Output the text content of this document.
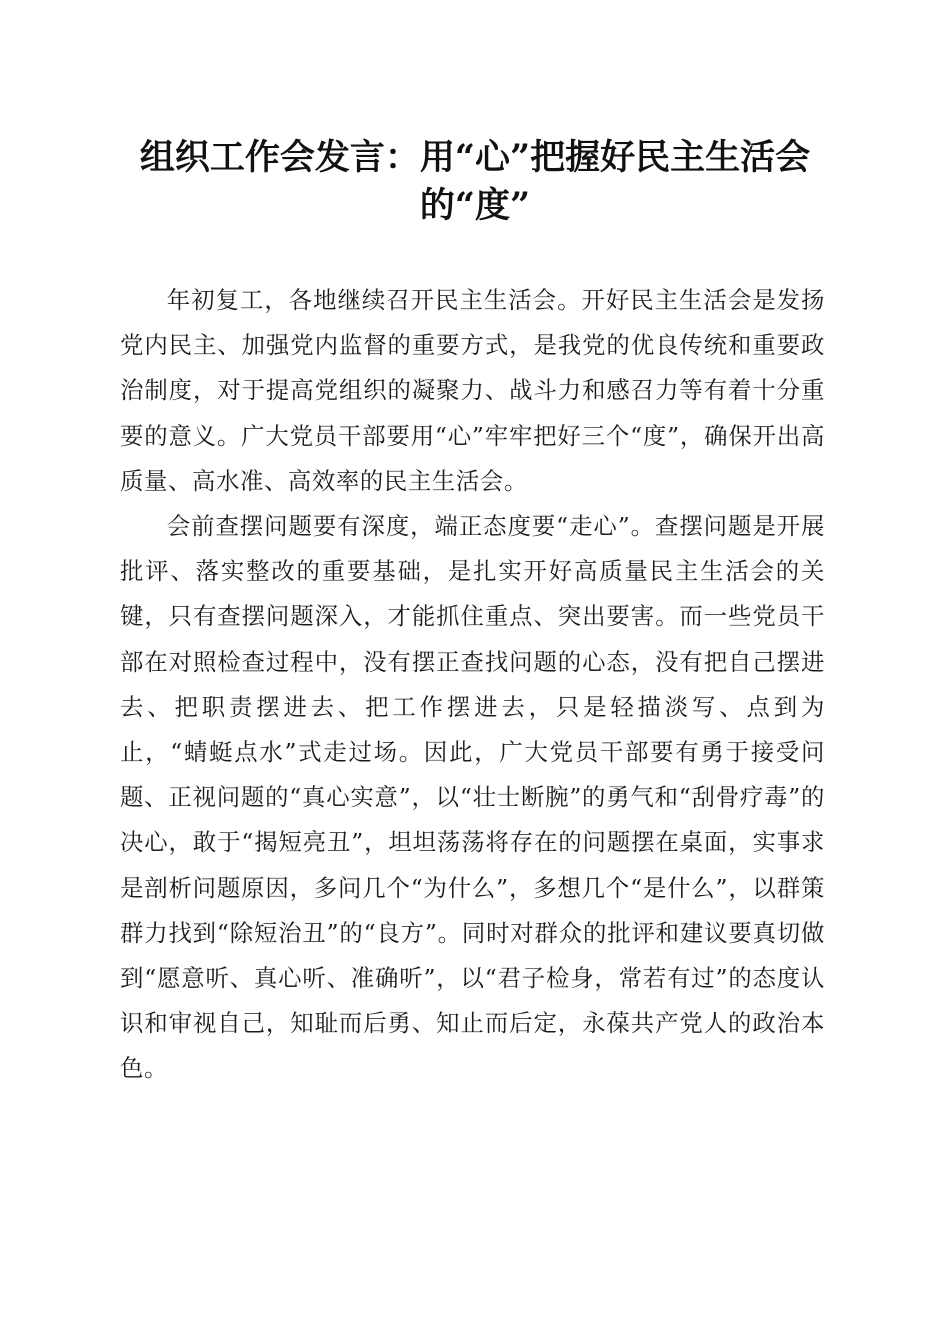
组织工作会发言：用“心”把握好民主生活会的“度”

年初复工，各地继续召开民主生活会。开好民主生活会是发扬党内民主、加强党内监督的重要方式，是我党的优良传统和重要政治制度，对于提高党组织的凝聚力、战斗力和感召力等有着十分重要的意义。广大党员干部要用“心”牢牢把好三个“度”，确保开出高质量、高水准、高效率的民主生活会。

会前查摆问题要有深度，端正态度要“走心”。查摆问题是开展批评、落实整改的重要基础，是扎实开好高质量民主生活会的关键，只有查摆问题深入，才能抓住重点、突出要害。而一些党员干部在对照检查过程中，没有摆正查找问题的心态，没有把自己摆进去、把职责摆进去、把工作摆进去，只是轻描淡写、点到为止，“蜻蜓点水”式走过场。因此，广大党员干部要有勇于接受问题、正视问题的“真心实意”，以“壮士断腕”的勇气和“刮骨疗毒”的决心，敢于“揭短亮丑”，坦坦荡荡将存在的问题摆在桌面，实事求是剖析问题原因，多问几个“为什么”，多想几个“是什么”，以群策群力找到“除短治丑”的“良方”。同时对群众的批评和建议要真切做到“愿意听、真心听、准确听”，以“君子检身，常若有过”的态度认识和审视自己，知耻而后勇、知止而后定，永葆共产党人的政治本色。
